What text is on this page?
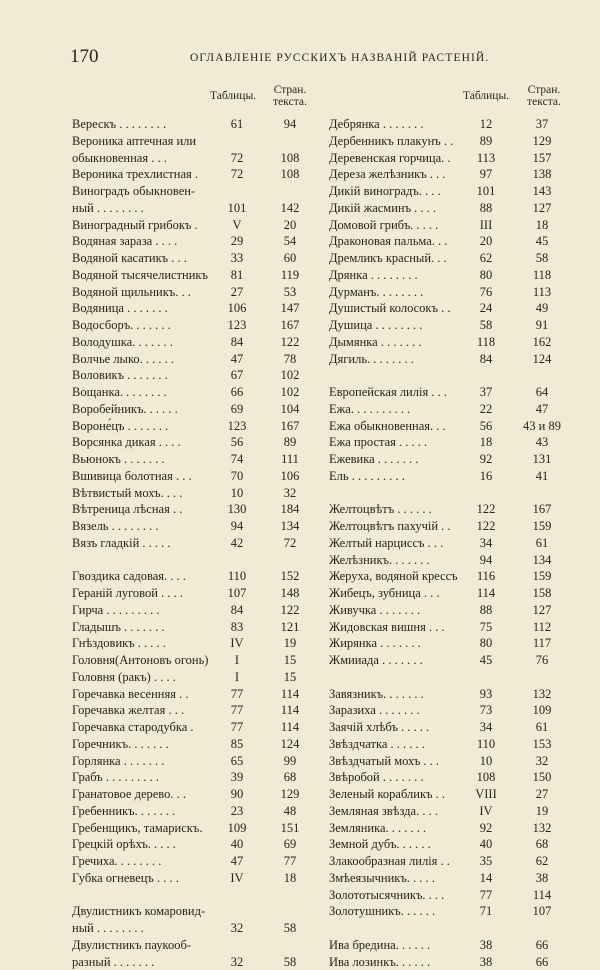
170	ОГЛАВЛЕНІЕ РУССКИХЪ НАЗВАНІЙ РАСТЕНІЙ.
Таблицы.	Стран. текста.
Верескъ . . . . . . . .	61	94
Вероника аптечная или
обыкновенная . . .	72	108
Вероника трехлистная .	72	108
Виноградъ обыкновен-
ный . . . . . . . .	101	142
Виноградный грибокъ .	V	20
Водяная зараза . . . .	29	54
Водяной касатикъ . . .	33	60
Водяной тысячелистникъ	81	119
Водяной щильникъ. . .	27	53
Водяница . . . . . . .	106	147
Водосборъ. . . . . . .	123	167
Володушка. . . . . . .	84	122
Волчье лыко. . . . . .	47	78
Воловикъ . . . . . . .	67	102
Вощанка. . . . . . . .	66	102
Воробейникъ. . . . . .	69	104
Вороне́цъ . . . . . . .	123	167
Ворсянка дикая . . . .	56	89
Вьюнокъ . . . . . . .	74	111
Вшивица болотная . . .	70	106
Вѣтвистый мохъ. . . .	10	32
Вѣтреница лѣсная . .	130	184
Вязель . . . . . . . .	94	134
Вязъ гладкій . . . . .	42	72
Гвоздика садовая. . . .	110	152
Гераній луговой . . . .	107	148
Гирча . . . . . . . . .	84	122
Гладышъ . . . . . . .	83	121
Гнѣздовикъ . . . . .	IV	19
Головня(Антоновъ огонь)	I	15
Головня (ракъ) . . . .	I	15
Горечавка весенняя . .	77	114
Горечавка желтая . . .	77	114
Горечавка стародубка .	77	114
Горечникъ. . . . . . .	85	124
Горлянка . . . . . . .	65	99
Грабъ . . . . . . . . .	39	68
Гранатовое дерево. . .	90	129
Гребенникъ. . . . . . .	23	48
Гребенщикъ, тамарискъ.	109	151
Грецкій орѣхъ. . . . .	40	69
Гречиха. . . . . . . .	47	77
Губка огневецъ . . . .	IV	18
Двулистникъ комаровид-
ный . . . . . . . .	32	58
Двулистникъ паукооб-
разный . . . . . . .	32	58
Таблицы.	Стран. текста.
Дебрянка . . . . . . .	12	37
Дербенникъ плакунъ . .	89	129
Деревенская горчица. .	113	157
Дереза желѣзникъ . . .	97	138
Дикій виноградъ. . . .	101	143
Дикій жасминъ . . . .	88	127
Домовой грибъ. . . . .	III	18
Драконовая пальма. . .	20	45
Дремликъ красный. . .	62	58
Дрянка . . . . . . . .	80	118
Дурманъ. . . . . . . .	76	113
Душистый колосокъ . .	24	49
Душица . . . . . . . .	58	91
Дымянка . . . . . . .	118	162
Дягиль. . . . . . . .	84	124
Европейская лилія . . .	37	64
Ежа. . . . . . . . . .	22	47
Ежа обыкновенная. . .	56	43 и 89
Ежа простая . . . . .	18	43
Ежевика . . . . . . .	92	131
Ель . . . . . . . . .	16	41
Желтоцвѣтъ . . . . . .	122	167
Желтоцвѣтъ пахучій . .	122	159
Желтый нарциссъ . . .	34	61
Желѣзникъ. . . . . . .	94	134
Жеруха, водяной крессъ	116	159
Жибецъ, зубница . . .	114	158
Живучка . . . . . . .	88	127
Жидовская вишня . . .	75	112
Жирянка . . . . . . .	80	117
Жмииада . . . . . . .	45	76
Завязникъ. . . . . . .	93	132
Заразиха . . . . . . .	73	109
Заячій хлѣбъ . . . . .	34	61
Звѣздчатка . . . . . .	110	153
Звѣздчатый мохъ . . .	10	32
Звѣробой . . . . . . .	108	150
Зеленый корабликъ . .	VIII	27
Земляная звѣзда. . . .	IV	19
Земляника. . . . . . .	92	132
Земной дубъ. . . . . .	40	68
Злакообразная лилія . .	35	62
Змѣеязычникъ. . . . .	14	38
Золототысячникъ. . . .	77	114
Золотушникъ. . . . . .	71	107
Ива бредина. . . . . .	38	66
Ива лозинкъ. . . . . .	38	66
